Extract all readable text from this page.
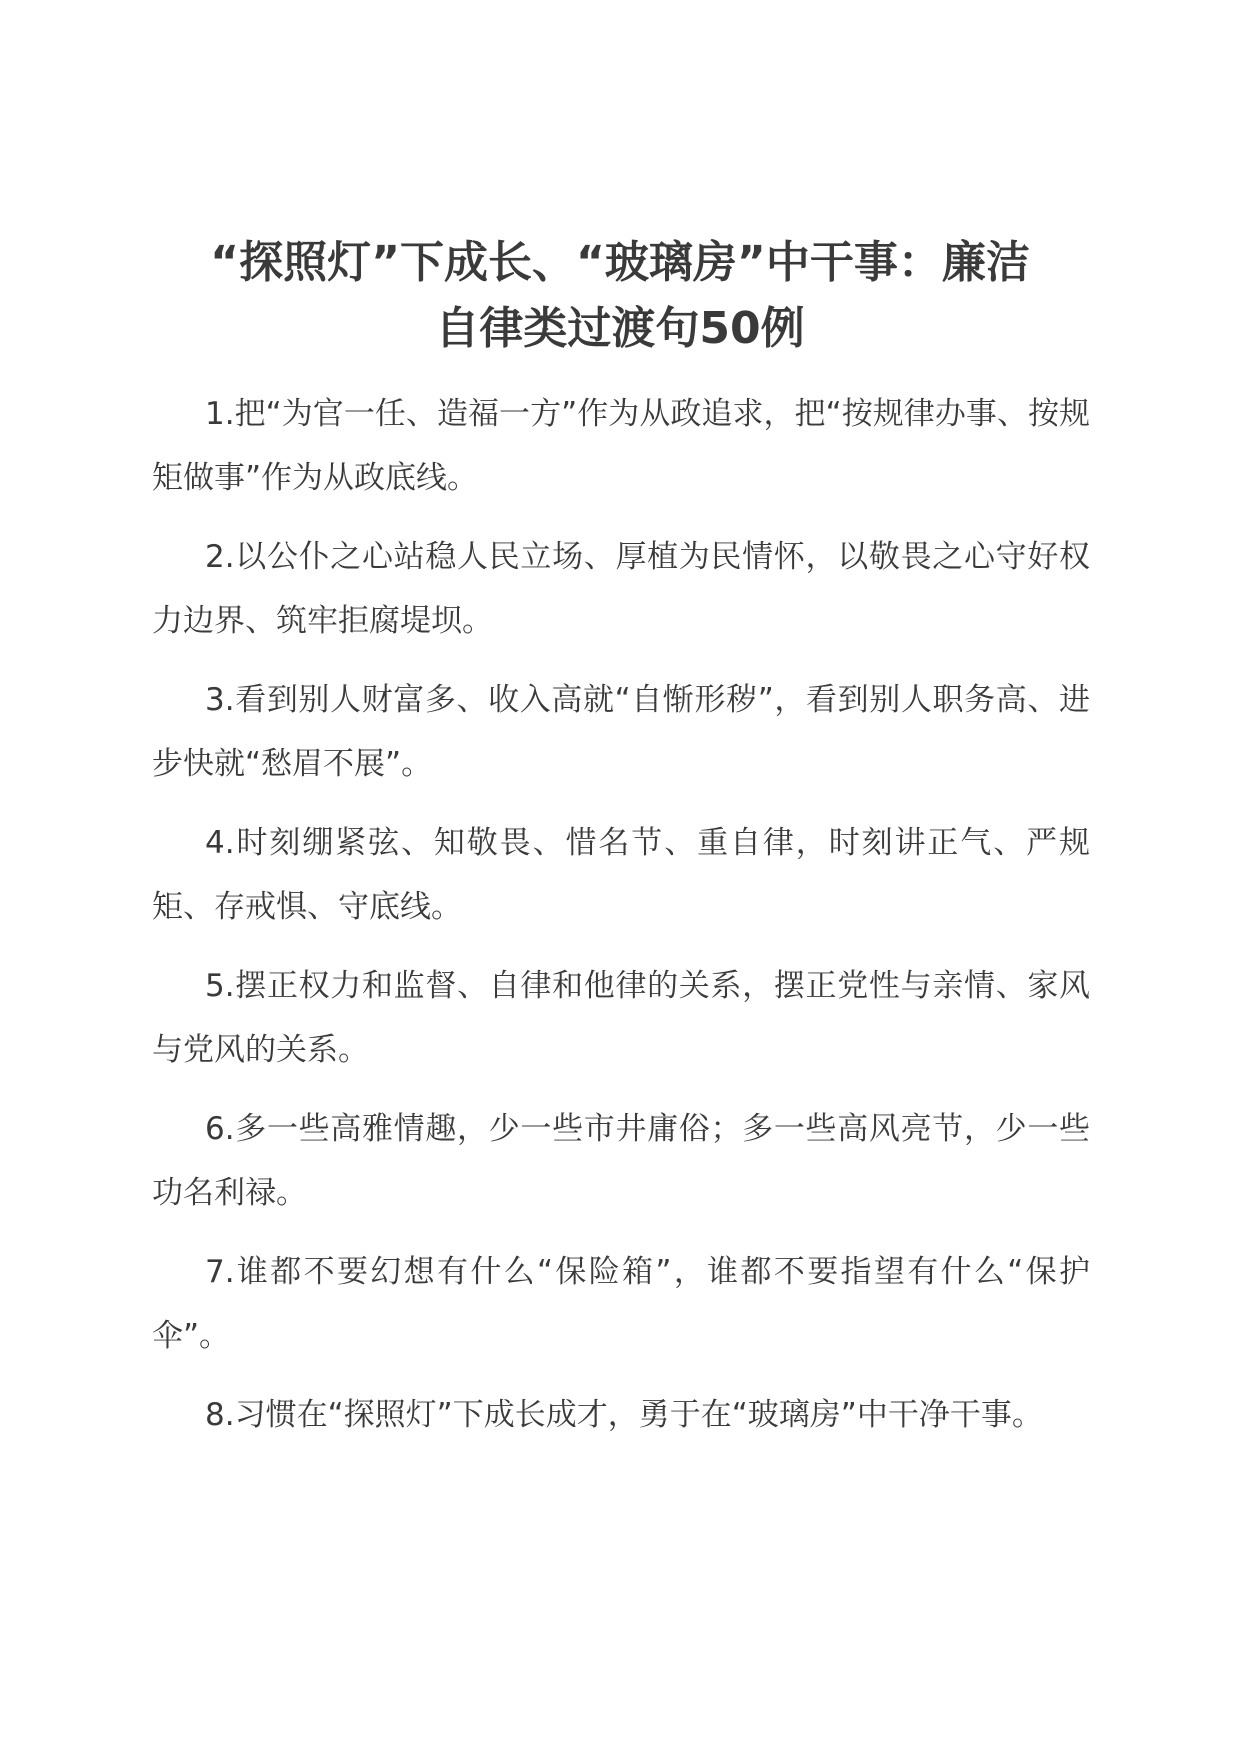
“探照灯”下成长、“玻璃房”中干事：廉洁
自律类过渡句50例

1.把“为官一任、造福一方”作为从政追求，把“按规律办事、按规矩做事”作为从政底线。

2.以公仆之心站稳人民立场、厚植为民情怀，以敬畏之心守好权力边界、筑牢拒腐堤坝。

3.看到别人财富多、收入高就“自惭形秽”，看到别人职务高、进步快就“愁眉不展”。

4.时刻绷紧弦、知敬畏、惜名节、重自律，时刻讲正气、严规矩、存戒惧、守底线。

5.摆正权力和监督、自律和他律的关系，摆正党性与亲情、家风与党风的关系。

6.多一些高雅情趣，少一些市井庸俗；多一些高风亮节，少一些功名利禄。

7.谁都不要幻想有什么“保险箱”，谁都不要指望有什么“保护伞”。

8.习惯在“探照灯”下成长成才，勇于在“玻璃房”中干净干事。
